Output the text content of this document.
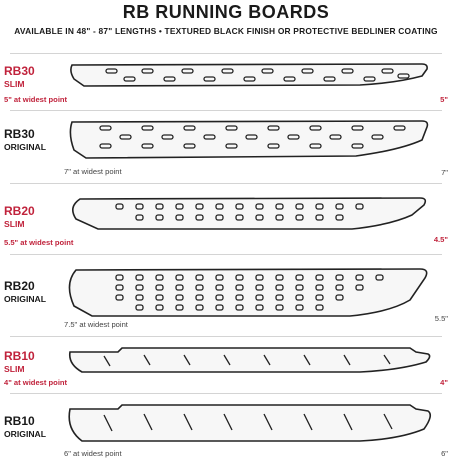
RB RUNNING BOARDS
AVAILABLE IN 48" - 87" LENGTHS • TEXTURED BLACK FINISH OR PROTECTIVE BEDLINER COATING
RB30
SLIM
5" at widest point	5"
RB30
ORIGINAL
7" at widest point	7"
RB20
SLIM
5.5" at widest point	4.5"
RB20
ORIGINAL
7.5" at widest point
5.5"
RB10
SLIM
4" at widest point	4"
RB10
ORIGINAL
6" at widest point	6"
